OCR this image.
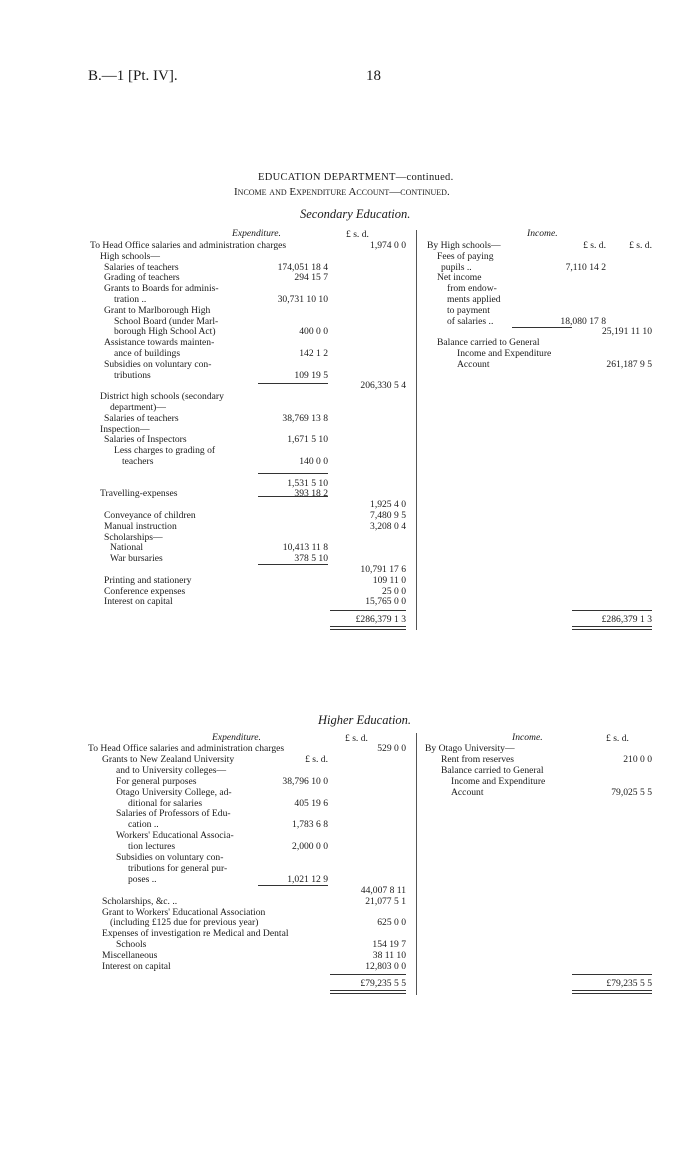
B.—1 [Pt. IV].	18
EDUCATION DEPARTMENT—continued.
Income and Expenditure Account—continued.
Secondary Education.
Expenditure.	Income.
£ s. d.
To Head Office salaries and administration charges	1,974 0 0
High schools—
Salaries of teachers	174,051 18 4
Grading of teachers	294 15 7
Grants to Boards for adminis-
tration ..	30,731 10 10
Grant to Marlborough High
School Board (under Marl-
borough High School Act)	400 0 0
Assistance towards mainten-
ance of buildings	142 1 2
Subsidies on voluntary con-
tributions	109 19 5
206,330 5 4
District high schools (secondary
department)—
Salaries of teachers	38,769 13 8
Inspection—
Salaries of Inspectors	1,671 5 10
Less charges to grading of
teachers	140 0 0
1,531 5 10
Travelling-expenses	393 18 2
1,925 4 0
Conveyance of children	7,480 9 5
Manual instruction	3,208 0 4
Scholarships—
National	10,413 11 8
War bursaries	378 5 10
10,791 17 6
Printing and stationery	109 11 0
Conference expenses	25 0 0
Interest on capital	15,765 0 0
By High schools—	£ s. d.	£ s. d.
Fees of paying
pupils ..	7,110 14 2
Net income
from endow-
ments applied
to payment
of salaries ..	18,080 17 8
25,191 11 10
Balance carried to General
Income and Expenditure
Account	261,187 9 5
£286,379 1 3	£286,379 1 3
Higher Education.
Expenditure.	Income.
£ s. d.	£ s. d.
To Head Office salaries and administration charges	529 0 0
Grants to New Zealand University	£ s. d.
and to University colleges—
For general purposes	38,796 10 0
Otago University College, ad-
ditional for salaries	405 19 6
Salaries of Professors of Edu-
cation ..	1,783 6 8
Workers' Educational Associa-
tion lectures	2,000 0 0
Subsidies on voluntary con-
tributions for general pur-
poses ..	1,021 12 9
44,007 8 11
Scholarships, &c. ..	21,077 5 1
Grant to Workers' Educational Association
(including £125 due for previous year)	625 0 0
Expenses of investigation re Medical and Dental
Schools	154 19 7
Miscellaneous	38 11 10
Interest on capital	12,803 0 0
By Otago University—
Rent from reserves	210 0 0
Balance carried to General
Income and Expenditure
Account	79,025 5 5
£79,235 5 5	£79,235 5 5
